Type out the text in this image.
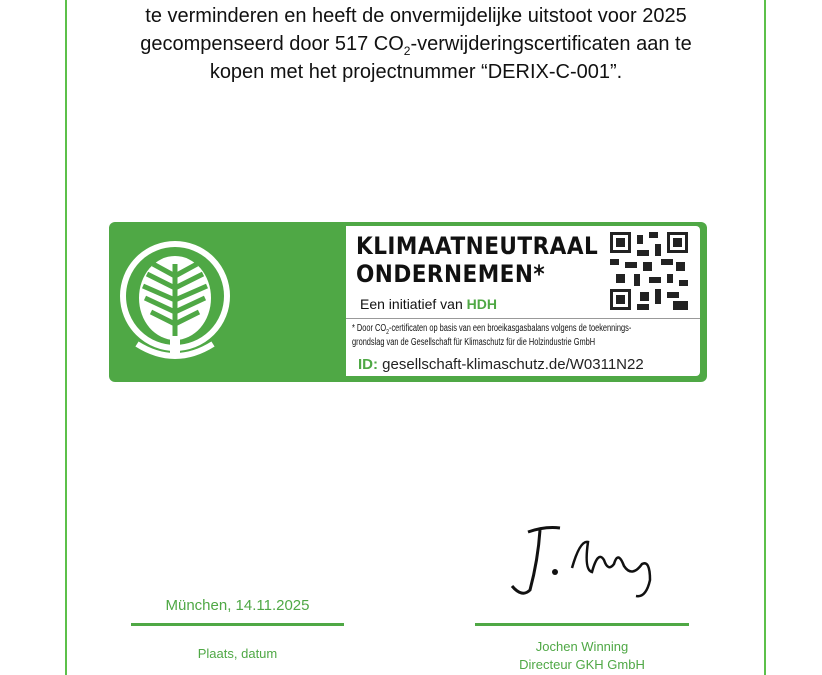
te verminderen en heeft de onvermijdelijke uitstoot voor 2025
gecompenseerd door 517 $CO_2$-verwijderingscertificaten aan te
kopen met het projectnummer “DERIX-C-001”.
KLIMAATNEUTRAAL
ONDERNEMEN*
Een initiatief van HDH
* Door $CO_2$-certificaten op basis van een broeikasgasbalans volgens de toekennings-
grondslag van de Gesellschaft für Klimaschutz für die Holzindustrie GmbH
ID: gesellschaft-klimaschutz.de/W0311N22
München, 14.11.2025
Plaats, datum	Jochen Winning
Directeur GKH GmbH
